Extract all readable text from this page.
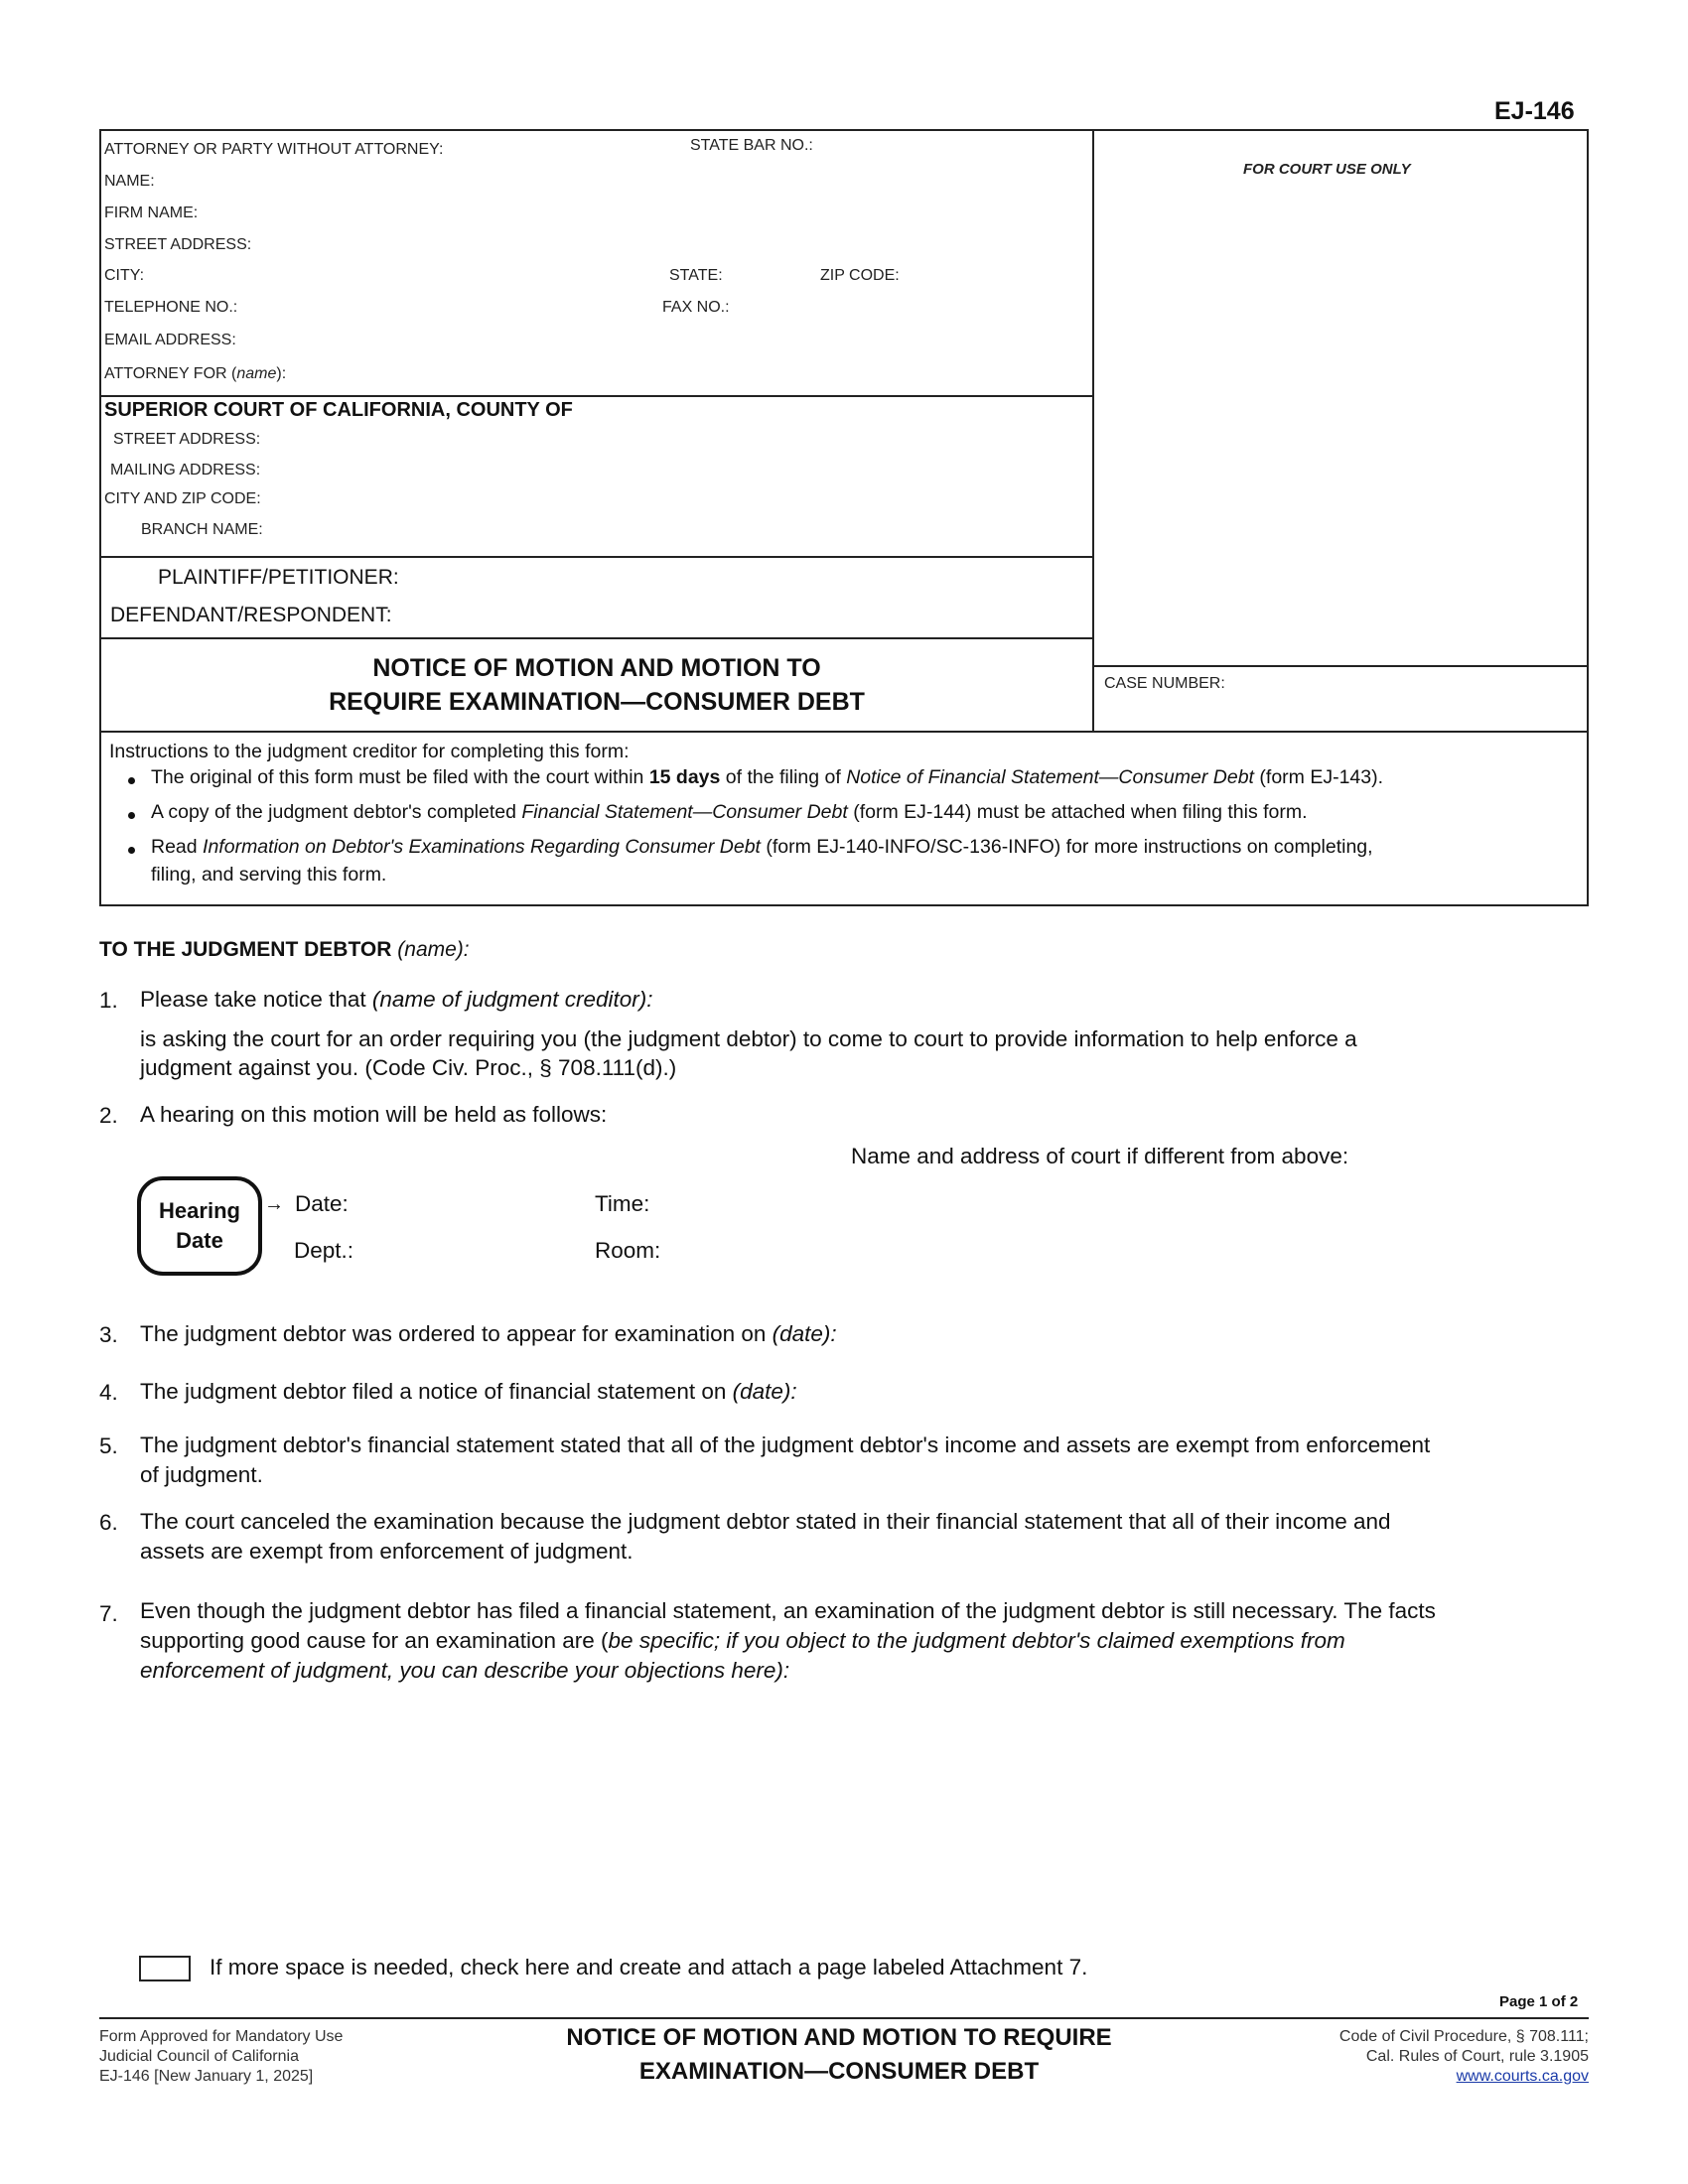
EJ-146
ATTORNEY OR PARTY WITHOUT ATTORNEY:	STATE BAR NO.:
NAME:
FIRM NAME:
STREET ADDRESS:
CITY:	STATE:	ZIP CODE:
TELEPHONE NO.:	FAX NO.:
EMAIL ADDRESS:
ATTORNEY FOR (name):
FOR COURT USE ONLY
SUPERIOR COURT OF CALIFORNIA, COUNTY OF
STREET ADDRESS:
MAILING ADDRESS:
CITY AND ZIP CODE:
BRANCH NAME:
PLAINTIFF/PETITIONER:
DEFENDANT/RESPONDENT:
NOTICE OF MOTION AND MOTION TO
REQUIRE EXAMINATION—CONSUMER DEBT
CASE NUMBER:
Instructions to the judgment creditor for completing this form:
The original of this form must be filed with the court within 15 days of the filing of Notice of Financial Statement—Consumer Debt (form EJ-143).
A copy of the judgment debtor's completed Financial Statement—Consumer Debt (form EJ-144) must be attached when filing this form.
Read Information on Debtor's Examinations Regarding Consumer Debt (form EJ-140-INFO/SC-136-INFO) for more instructions on completing,
filing, and serving this form.
TO THE JUDGMENT DEBTOR (name):
1. Please take notice that (name of judgment creditor):
is asking the court for an order requiring you (the judgment debtor) to come to court to provide information to help enforce a
judgment against you. (Code Civ. Proc., § 708.111(d).)
2. A hearing on this motion will be held as follows:
Name and address of court if different from above:
Hearing
Date
→ Date:	Time:
Dept.:	Room:
3. The judgment debtor was ordered to appear for examination on (date):
4. The judgment debtor filed a notice of financial statement on (date):
5. The judgment debtor's financial statement stated that all of the judgment debtor's income and assets are exempt from enforcement
of judgment.
6. The court canceled the examination because the judgment debtor stated in their financial statement that all of their income and
assets are exempt from enforcement of judgment.
7. Even though the judgment debtor has filed a financial statement, an examination of the judgment debtor is still necessary. The facts
supporting good cause for an examination are (be specific; if you object to the judgment debtor's claimed exemptions from
enforcement of judgment, you can describe your objections here):
If more space is needed, check here and create and attach a page labeled Attachment 7.
Page 1 of 2
Form Approved for Mandatory Use
Judicial Council of California
EJ-146 [New January 1, 2025]
NOTICE OF MOTION AND MOTION TO REQUIRE
EXAMINATION—CONSUMER DEBT
Code of Civil Procedure, § 708.111;
Cal. Rules of Court, rule 3.1905
www.courts.ca.gov
